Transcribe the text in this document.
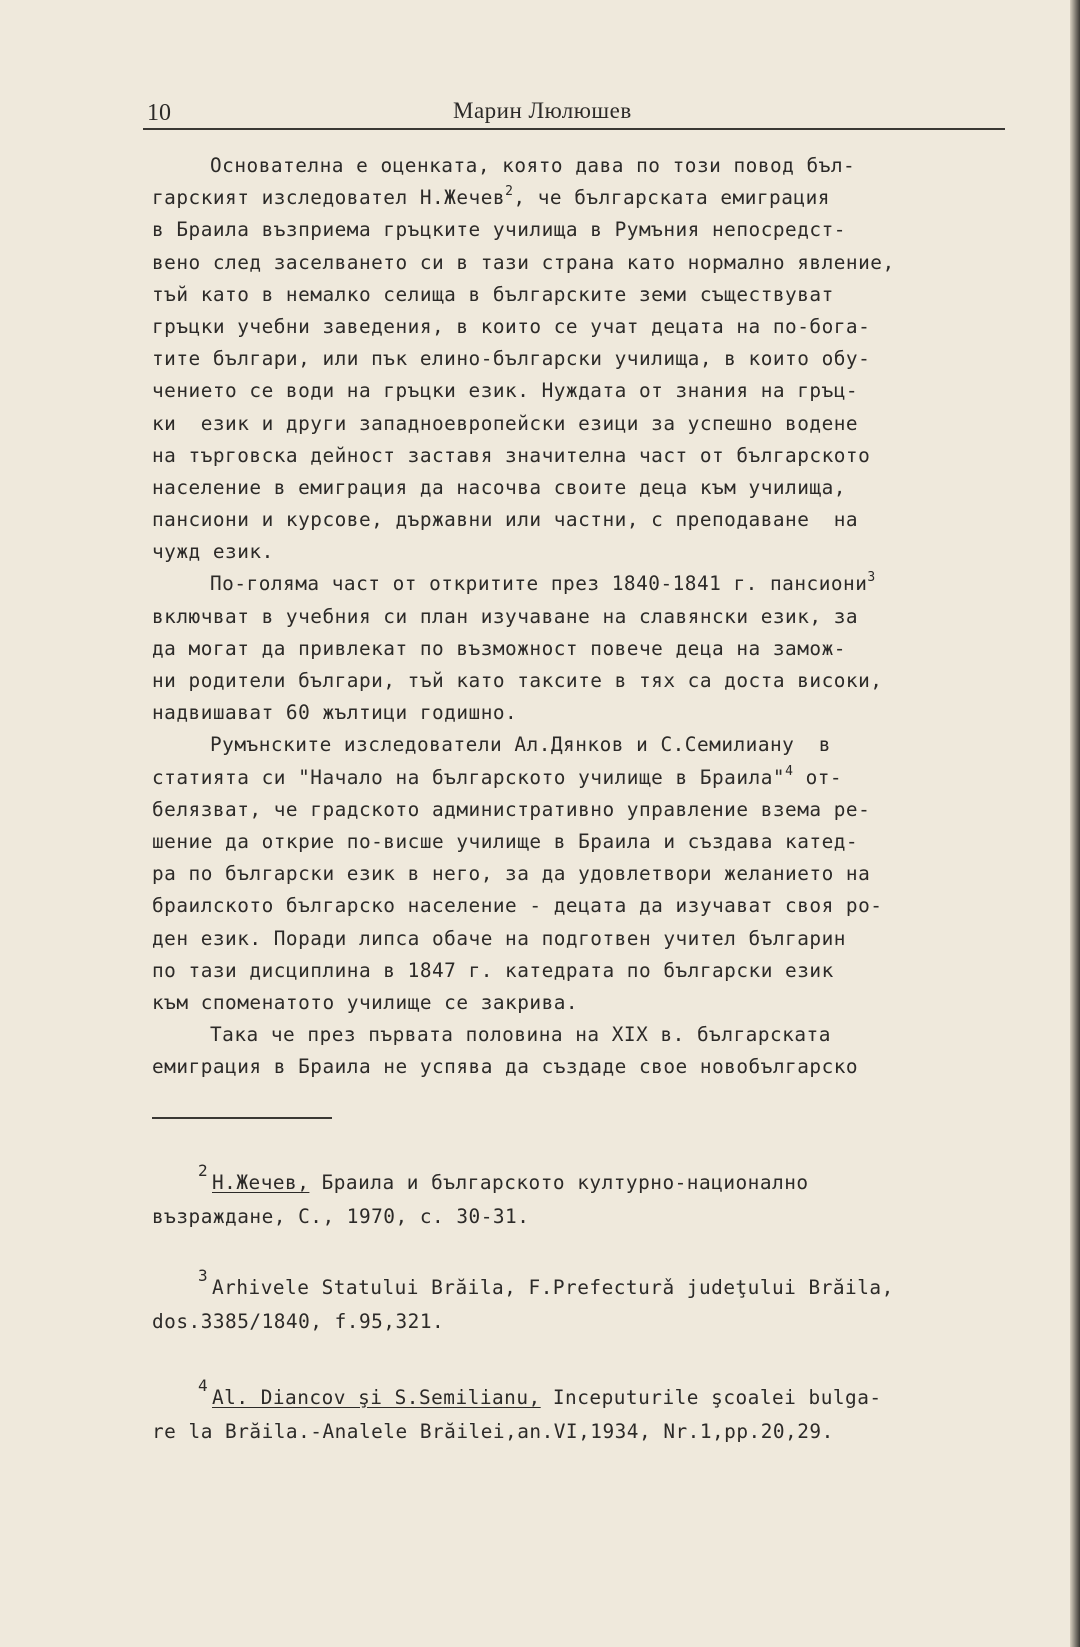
10	Марин Люлюшев
Основателна е оценката, която дава по този повод бъл-
гарският изследовател Н.Жечев$^2$, че българската емиграция
в Браила възприема гръцките училища в Румъния непосредст-
вено след заселването си в тази страна като нормално явление,
тъй като в немалко селища в българските земи съществуват
гръцки учебни заведения, в които се учат децата на по-бога-
тите българи, или пък елино-български училища, в които обу-
чението се води на гръцки език. Нуждата от знания на гръц-
ки  език и други западноевропейски езици за успешно водене
на търговска дейност заставя значителна част от българското
население в емиграция да насочва своите деца към училища,
пансиони и курсове, държавни или частни, с преподаване  на
чужд език.
По-голяма част от откритите през 1840-1841 г. пансиони$^3$
включват в учебния си план изучаване на славянски език, за
да могат да привлекат по възможност повече деца на замож-
ни родители българи, тъй като таксите в тях са доста високи,
надвишават 60 жълтици годишно.
Румънските изследователи Ал.Дянков и С.Семилиану  в
статията си "Начало на българското училище в Браила"$^4$ от-
белязват, че градското административно управление взема ре-
шение да открие по-висше училище в Браила и създава катед-
ра по български език в него, за да удовлетвори желанието на
браилското българско население - децата да изучават своя ро-
ден език. Поради липса обаче на подготвен учител българин
по тази дисциплина в 1847 г. катедрата по български език
към споменатото училище се закрива.
Така че през първата половина на XIX в. българската
емиграция в Браила не успява да създаде свое новобългарско
2
Н.Жечев, Браила и българското културно-национално
възраждане, С., 1970, с. 30-31.
3
Arhivele Statului Brăila, F.Prefecturǎ judeţului Brăila,
dos.3385/1840, f.95,321.
4
Al. Diancov şi S.Semilianu, Inceputurile şcoalei bulga-
re la Brăila.-Analele Brăilei,an.VI,1934, Nr.1,pp.20,29.
